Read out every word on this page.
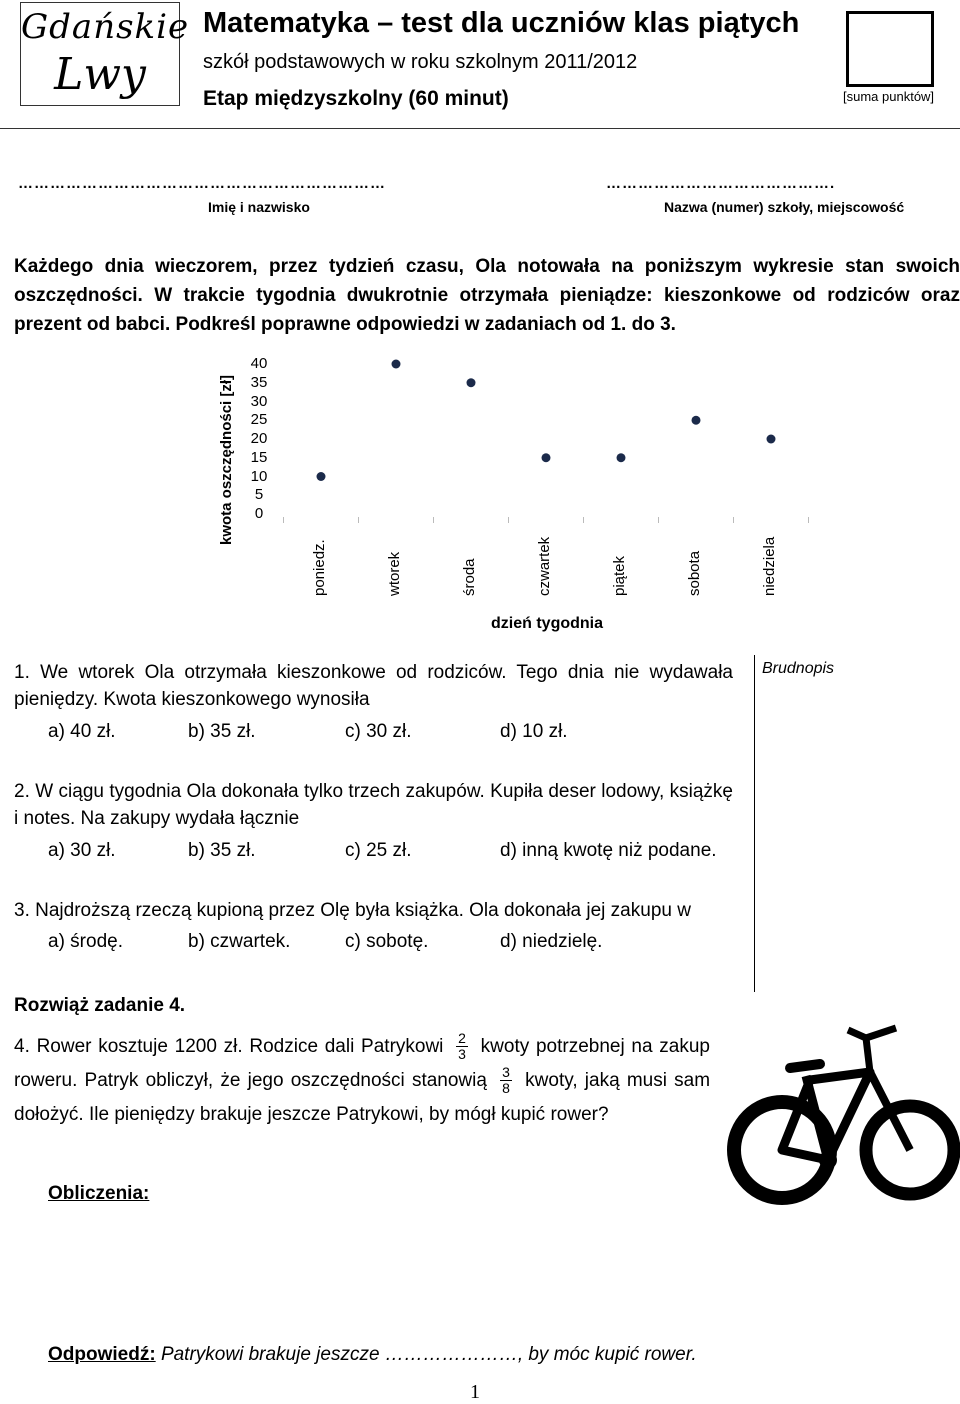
Gdańskie
Lwy
Matematyka – test dla uczniów klas piątych
szkół podstawowych w roku szkolnym 2011/2012
Etap międzyszkolny (60 minut)	[suma punktów]
……………………………………………………………
Imię i nazwisko
…………………………………….
Nazwa (numer) szkoły, miejscowość
Każdego dnia wieczorem, przez tydzień czasu, Ola notowała na poniższym wykresie stan swoich oszczędności. W trakcie tygodnia dwukrotnie otrzymała pieniądze: kieszonkowe od rodziców oraz prezent od babci. Podkreśl poprawne odpowiedzi w zadaniach od 1. do 3.
kwota oszczędności [zł]	0
5
10
15
20
25
30
35
40
poniedz.	wtorek	środa	czwartek	piątek	sobota	niedziela
dzień tygodnia
Brudnopis
1. We wtorek Ola otrzymała kieszonkowe od rodziców. Tego dnia nie wydawała pieniędzy. Kwota kieszonkowego wynosiła
a) 40 zł.	b) 35 zł.	c) 30 zł.	d) 10 zł.
2. W ciągu tygodnia Ola dokonała tylko trzech zakupów. Kupiła deser lodowy, książkę i notes. Na zakupy wydała łącznie
a) 30 zł.	b) 35 zł.	c) 25 zł.	d) inną kwotę niż podane.
3. Najdroższą rzeczą kupioną przez Olę była książka. Ola dokonała jej zakupu w
a) środę.	b) czwartek.	c) sobotę.	d) niedzielę.
Rozwiąż zadanie 4.
4. Rower kosztuje 1200 zł. Rodzice dali Patrykowi $\frac{2}{3}$ kwoty potrzebnej na zakup roweru. Patryk obliczył, że jego oszczędności stanowią $\frac{3}{8}$ kwoty, jaką musi sam dołożyć. Ile pieniędzy brakuje jeszcze Patrykowi, by mógł kupić rower?
Obliczenia:
Odpowiedź: Patrykowi brakuje jeszcze …………………, by móc kupić rower.
1
